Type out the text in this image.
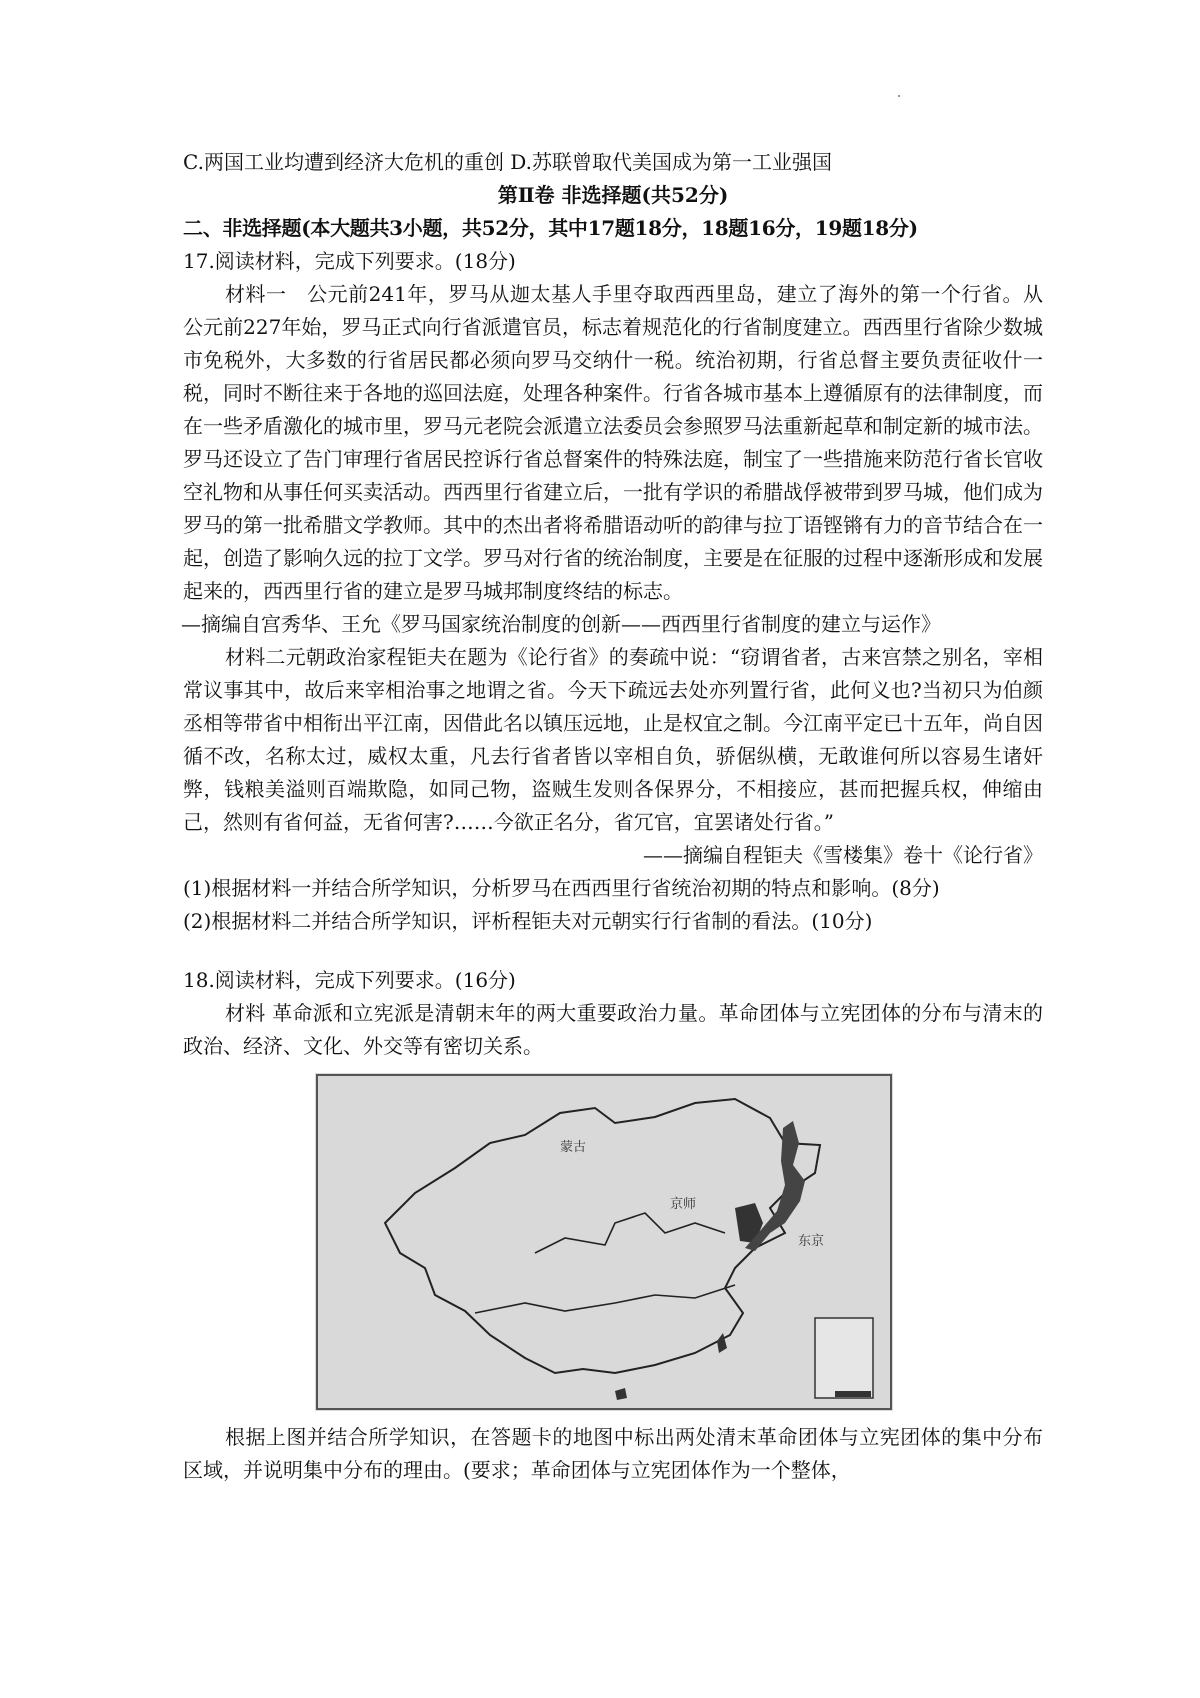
C.两国工业均遭到经济大危机的重创 D.苏联曾取代美国成为第一工业强国
第Ⅱ卷 非选择题(共52分)
二、非选择题(本大题共3小题，共52分，其中17题18分，18题16分，19题18分)
17.阅读材料，完成下列要求。(18分)
材料一　公元前241年，罗马从迦太基人手里夺取西西里岛，建立了海外的第一个行省。从公元前227年始，罗马正式向行省派遣官员，标志着规范化的行省制度建立。西西里行省除少数城市免税外，大多数的行省居民都必须向罗马交纳什一税。统治初期，行省总督主要负责征收什一税，同时不断往来于各地的巡回法庭，处理各种案件。行省各城市基本上遵循原有的法律制度，而在一些矛盾激化的城市里，罗马元老院会派遣立法委员会参照罗马法重新起草和制定新的城市法。罗马还设立了告门审理行省居民控诉行省总督案件的特殊法庭，制宝了一些措施来防范行省长官收空礼物和从事任何买卖活动。西西里行省建立后，一批有学识的希腊战俘被带到罗马城，他们成为罗马的第一批希腊文学教师。其中的杰出者将希腊语动听的韵律与拉丁语铿锵有力的音节结合在一起，创造了影响久远的拉丁文学。罗马对行省的统治制度，主要是在征服的过程中逐渐形成和发展起来的，西西里行省的建立是罗马城邦制度终结的标志。
—摘编自宫秀华、王允《罗马国家统治制度的创新——西西里行省制度的建立与运作》
材料二元朝政治家程钜夫在题为《论行省》的奏疏中说：“窃谓省者，古来宫禁之别名，宰相常议事其中，故后来宰相治事之地谓之省。今天下疏远去处亦列置行省，此何义也?当初只为伯颜丞相等带省中相衔出平江南，因借此名以镇压远地，止是权宜之制。今江南平定已十五年，尚自因循不改，名称太过，威权太重，凡去行省者皆以宰相自负，骄倨纵横，无敢谁何所以容易生诸奸弊，钱粮美溢则百端欺隐，如同己物，盗贼生发则各保界分，不相接应，甚而把握兵权，伸缩由己，然则有省何益，无省何害?……今欲正名分，省冗官，宜罢诸处行省。”
——摘编自程钜夫《雪楼集》卷十《论行省》
(1)根据材料一并结合所学知识，分析罗马在西西里行省统治初期的特点和影响。(8分)
(2)根据材料二并结合所学知识，评析程钜夫对元朝实行行省制的看法。(10分)
18.阅读材料，完成下列要求。(16分)
材料 革命派和立宪派是清朝末年的两大重要政治力量。革命团体与立宪团体的分布与清末的政治、经济、文化、外交等有密切关系。
蒙古
京师
东京
根据上图并结合所学知识，在答题卡的地图中标出两处清末革命团体与立宪团体的集中分布区域，并说明集中分布的理由。(要求；革命团体与立宪团体作为一个整体，
